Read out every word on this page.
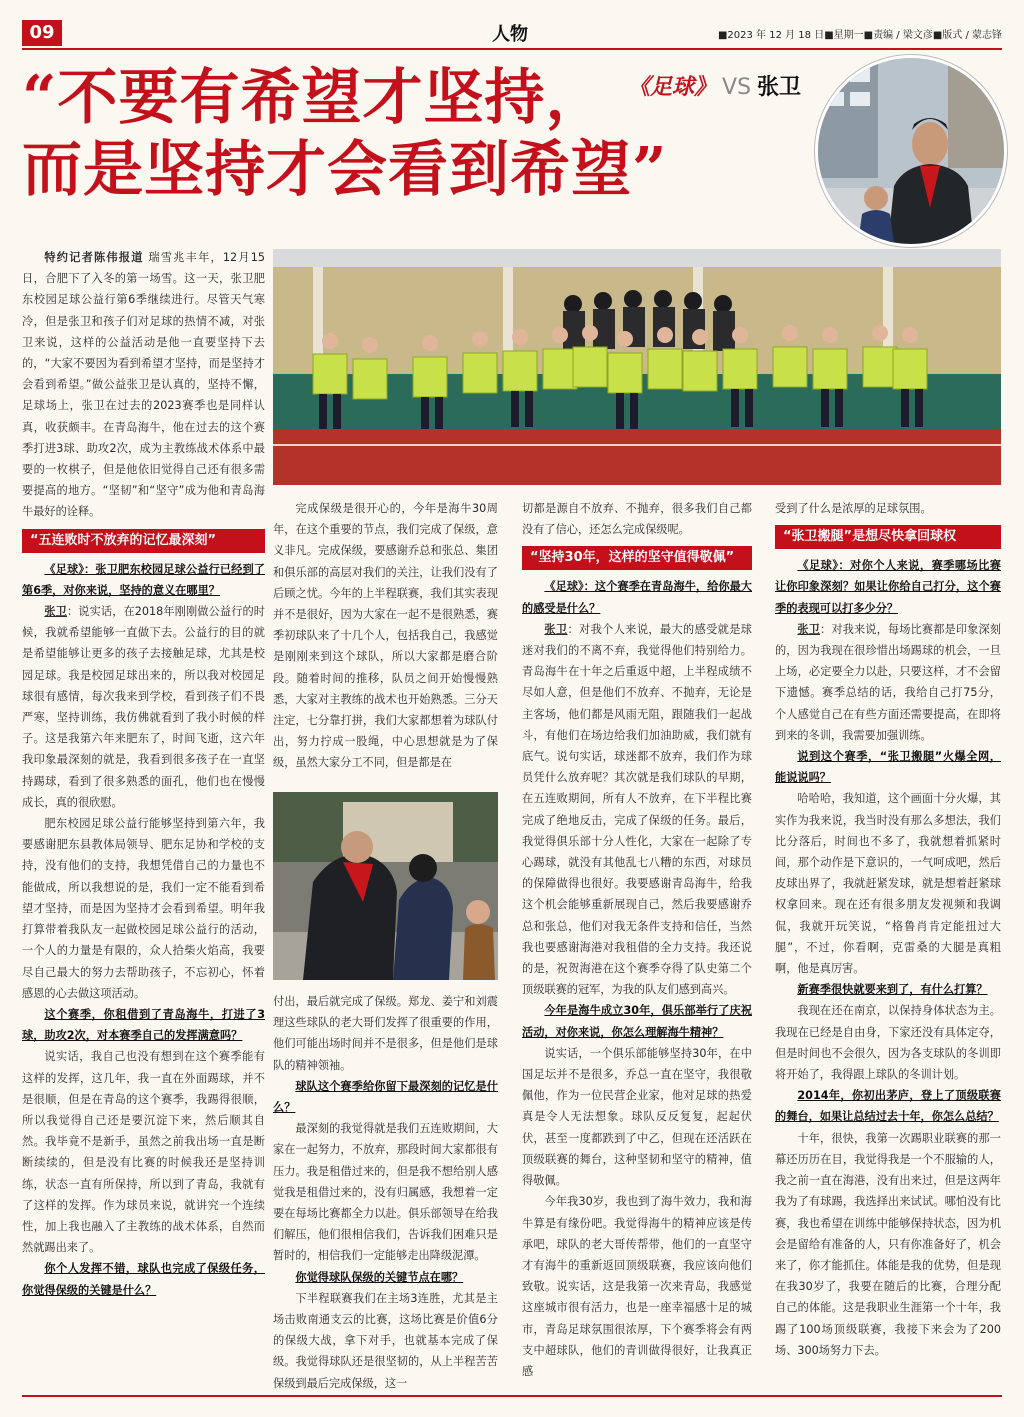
09	人物	■2023 年 12 月 18 日■星期一■责编 / 梁文彦■版式 / 蒙志锋
“不要有希望才坚持，
而是坚持才会看到希望”
《足球》 VS 张卫

特约记者陈伟报道 瑞雪兆丰年，12月15日，合肥下了入冬的第一场雪。这一天，张卫肥东校园足球公益行第6季继续进行。尽管天气寒冷，但是张卫和孩子们对足球的热情不减，对张卫来说，这样的公益活动是他一直要坚持下去的，“大家不要因为看到希望才坚持，而是坚持才会看到希望。”做公益张卫是认真的，坚持不懈，足球场上，张卫在过去的2023赛季也是同样认真，收获颇丰。在青岛海牛，他在过去的这个赛季打进3球、助攻2次，成为主教练战术体系中最要的一枚棋子，但是他依旧觉得自己还有很多需要提高的地方。“坚韧”和“坚守”成为他和青岛海牛最好的诠释。

“五连败时不放弃的记忆最深刻”

《足球》：张卫肥东校园足球公益行已经到了第6季，对你来说，坚持的意义在哪里？

张卫：说实话，在2018年刚刚做公益行的时候，我就希望能够一直做下去。公益行的目的就是希望能够让更多的孩子去接触足球，尤其是校园足球。我是校园足球出来的，所以我对校园足球很有感情，每次我来到学校，看到孩子们不畏严寒，坚持训练，我仿佛就看到了我小时候的样子。这是我第六年来肥东了，时间飞逝，这六年我印象最深刻的就是，我看到很多孩子在一直坚持踢球，看到了很多熟悉的面孔，他们也在慢慢成长，真的很欣慰。

肥东校园足球公益行能够坚持到第六年，我要感谢肥东县教体局领导、肥东足协和学校的支持，没有他们的支持，我想凭借自己的力量也不能做成，所以我想说的是，我们一定不能看到希望才坚持，而是因为坚持才会看到希望。明年我打算带着我队友一起做校园足球公益行的活动，一个人的力量是有限的，众人拾柴火焰高，我要尽自己最大的努力去帮助孩子，不忘初心，怀着感恩的心去做这项活动。

这个赛季，你租借到了青岛海牛，打进了3球，助攻2次，对本赛季自己的发挥满意吗？

说实话，我自己也没有想到在这个赛季能有这样的发挥，这几年，我一直在外面踢球，并不是很顺，但是在青岛的这个赛季，我踢得很顺，所以我觉得自己还是要沉淀下来，然后顺其自然。我毕竟不是新手，虽然之前我出场一直是断断续续的，但是没有比赛的时候我还是坚持训练，状态一直有所保持，所以到了青岛，我就有了这样的发挥。作为球员来说，就讲究一个连续性，加上我也融入了主教练的战术体系，自然而然就踢出来了。

你个人发挥不错，球队也完成了保级任务，你觉得保级的关键是什么？

完成保级是很开心的，今年是海牛30周年，在这个重要的节点，我们完成了保级，意义非凡。完成保级，要感谢乔总和张总、集团和俱乐部的高层对我们的关注，让我们没有了后顾之忧。今年的上半程联赛，我们其实表现并不是很好，因为大家在一起不是很熟悉，赛季初球队来了十几个人，包括我自己，我感觉是刚刚来到这个球队，所以大家都是磨合阶段。随着时间的推移，队员之间开始慢慢熟悉，大家对主教练的战术也开始熟悉。三分天注定，七分靠打拼，我们大家都想着为球队付出，努力拧成一股绳，中心思想就是为了保级，虽然大家分工不同，但是都是在

付出，最后就完成了保级。郑龙、姜宁和刘震理这些球队的老大哥们发挥了很重要的作用，他们可能出场时间并不是很多，但是他们是球队的精神领袖。

球队这个赛季给你留下最深刻的记忆是什么？

最深刻的我觉得就是我们五连败期间，大家在一起努力，不放弃，那段时间大家都很有压力。我是租借过来的，但是我不想给别人感觉我是租借过来的，没有归属感，我想着一定要在每场比赛都全力以赴。俱乐部领导在给我们解压，他们很相信我们，告诉我们困难只是暂时的，相信我们一定能够走出降级泥潭。

你觉得球队保级的关键节点在哪？

下半程联赛我们在主场3连胜，尤其是主场击败南通支云的比赛，这场比赛是价值6分的保级大战，拿下对手，也就基本完成了保级。我觉得球队还是很坚韧的，从上半程苦苦保级到最后完成保级，这一

切都是源自不放弃、不抛弃，很多我们自己都没有了信心，还怎么完成保级呢。

“坚持30年，这样的坚守值得敬佩”

《足球》：这个赛季在青岛海牛，给你最大的感受是什么？

张卫：对我个人来说，最大的感受就是球迷对我们的不离不弃，我觉得他们特别给力。青岛海牛在十年之后重返中超，上半程成绩不尽如人意，但是他们不放弃、不抛弃，无论是主客场，他们都是风雨无阻，跟随我们一起战斗，有他们在场边给我们加油助威，我们就有底气。说句实话，球迷都不放弃，我们作为球员凭什么放弃呢？其次就是我们球队的早期，在五连败期间，所有人不放弃，在下半程比赛完成了绝地反击，完成了保级的任务。最后，我觉得俱乐部十分人性化，大家在一起除了专心踢球，就没有其他乱七八糟的东西，对球员的保障做得也很好。我要感谢青岛海牛，给我这个机会能够重新展现自己，然后我要感谢乔总和张总，他们对我无条件支持和信任，当然我也要感谢海港对我租借的全力支持。我还说的是，祝贺海港在这个赛季夺得了队史第二个顶级联赛的冠军，为我的队友们感到高兴。

今年是海牛成立30年，俱乐部举行了庆祝活动，对你来说，你怎么理解海牛精神？

说实话，一个俱乐部能够坚持30年，在中国足坛并不是很多，乔总一直在坚守，我很敬佩他，作为一位民营企业家，他对足球的热爱真是令人无法想象。球队反反复复，起起伏伏，甚至一度都跌到了中乙，但现在还活跃在顶级联赛的舞台，这种坚韧和坚守的精神，值得敬佩。

今年我30岁，我也到了海牛效力，我和海牛算是有缘份吧。我觉得海牛的精神应该是传承吧，球队的老大哥传帮带，他们的一直坚守才有海牛的重新返回顶级联赛，我应该向他们致敬。说实话，这是我第一次来青岛，我感觉这座城市很有活力，也是一座幸福感十足的城市，青岛足球氛围很浓厚，下个赛季将会有两支中超球队，他们的青训做得很好，让我真正感

受到了什么是浓厚的足球氛围。

“张卫搬腿”是想尽快拿回球权

《足球》：对你个人来说，赛季哪场比赛让你印象深刻？如果让你给自己打分，这个赛季的表现可以打多少分？

张卫：对我来说，每场比赛都是印象深刻的，因为我现在很珍惜出场踢球的机会，一旦上场，必定要全力以赴，只要这样，才不会留下遗憾。赛季总结的话，我给自己打75分，个人感觉自己在有些方面还需要提高，在即将到来的冬训，我需要加强训练。

说到这个赛季，“张卫搬腿”火爆全网，能说说吗？

哈哈哈，我知道，这个画面十分火爆，其实作为我来说，我当时没有那么多想法，我们比分落后，时间也不多了，我就想着抓紧时间，那个动作是下意识的，一气呵成吧，然后皮球出界了，我就赶紧发球，就是想着赶紧球权拿回来。现在还有很多朋友发视频和我调侃，我就开玩笑说，“格鲁肖肯定能扭过大腿”，不过，你看啊，克雷桑的大腿是真粗啊，他是真厉害。

新赛季很快就要来到了，有什么打算？

我现在还在南京，以保持身体状态为主。我现在已经是自由身，下家还没有具体定夺，但是时间也不会很久，因为各支球队的冬训即将开始了，我得跟上球队的冬训计划。

2014年，你初出茅庐，登上了顶级联赛的舞台，如果让总结过去十年，你怎么总结？

十年，很快，我第一次踢职业联赛的那一幕还历历在目，我觉得我是一个不服输的人，我之前一直在海港，没有出来过，但是这两年我为了有球踢，我选择出来试试。哪怕没有比赛，我也希望在训练中能够保持状态，因为机会是留给有准备的人，只有你准备好了，机会来了，你才能抓住。体能是我的优势，但是现在我30岁了，我要在随后的比赛，合理分配自己的体能。这是我职业生涯第一个十年，我踢了100场顶级联赛，我接下来会为了200场、300场努力下去。
